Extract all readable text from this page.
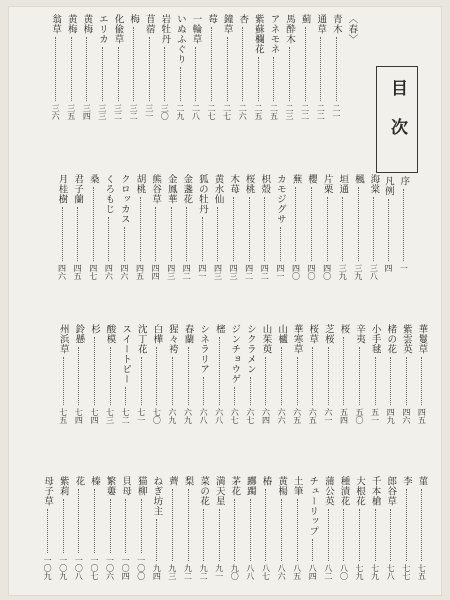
目次
序
一
凡例
四
〈春〉
青木
二一
通草
二二
薊
二二
馬酔木
二三
アネモネ
二五
紫蘇欄花
二五
杏
二六
鐘草
二七
莓
二七
一輪草
二八
いぬふぐり
二九
岩牡丹
三〇
苜蓿
三一
梅
三二
化偸草
三二
エリカ
三三
黄梅
三四
黄梅
三五
翁草
三六
海棠
三八
楓
三九
垣通
三九
片栗
四〇
櫻
四〇
蕪
四〇
カモジグサ
四一
枳殻
四二
桜桃
四二
木苺
四三
黄水仙
四三
狐の牡丹
四一
金盞花
四二
金鳳華
四三
熊谷草
四四
胡桃
四五
クロッカス
四六
くろもじ
四六
桑
四七
君子蘭
四五
月桂樹
四六
華鬘草
四五
紫雲英
四六
楮の花
四九
小手毬
五一
辛夷
五〇
桜
五四
芝桜
六一
桜草
六五
華寒草
六五
山櫨
六六
山茱萸
六四
シクラメン
六七
ジンチョウゲ
六七
樒
六八
シネラリア
六八
春蘭
六九
猩々袴
六九
白樺
七〇
沈丁花
七一
スイートピー
七二
酸模
七三
杉
七四
鈴懸
七四
州浜草
七五
菫
七五
李
七七
郎谷草
七八
千本槍
七九
大根花
七九
種漬花
八〇
蒲公英
八二
チューリップ
八四
土筆
八五
黄楊
八六
椿
八七
躑躅
八八
茅花
九〇
満天星
九一
菜の花
九二
梨
九二
薺
九三
ねぎ坊主
九四
猫柳
一〇〇
貝母
一〇四
繁蔞
一〇六
榛
一〇七
花
一〇八
紫莉
一〇九
母子草
一〇九
